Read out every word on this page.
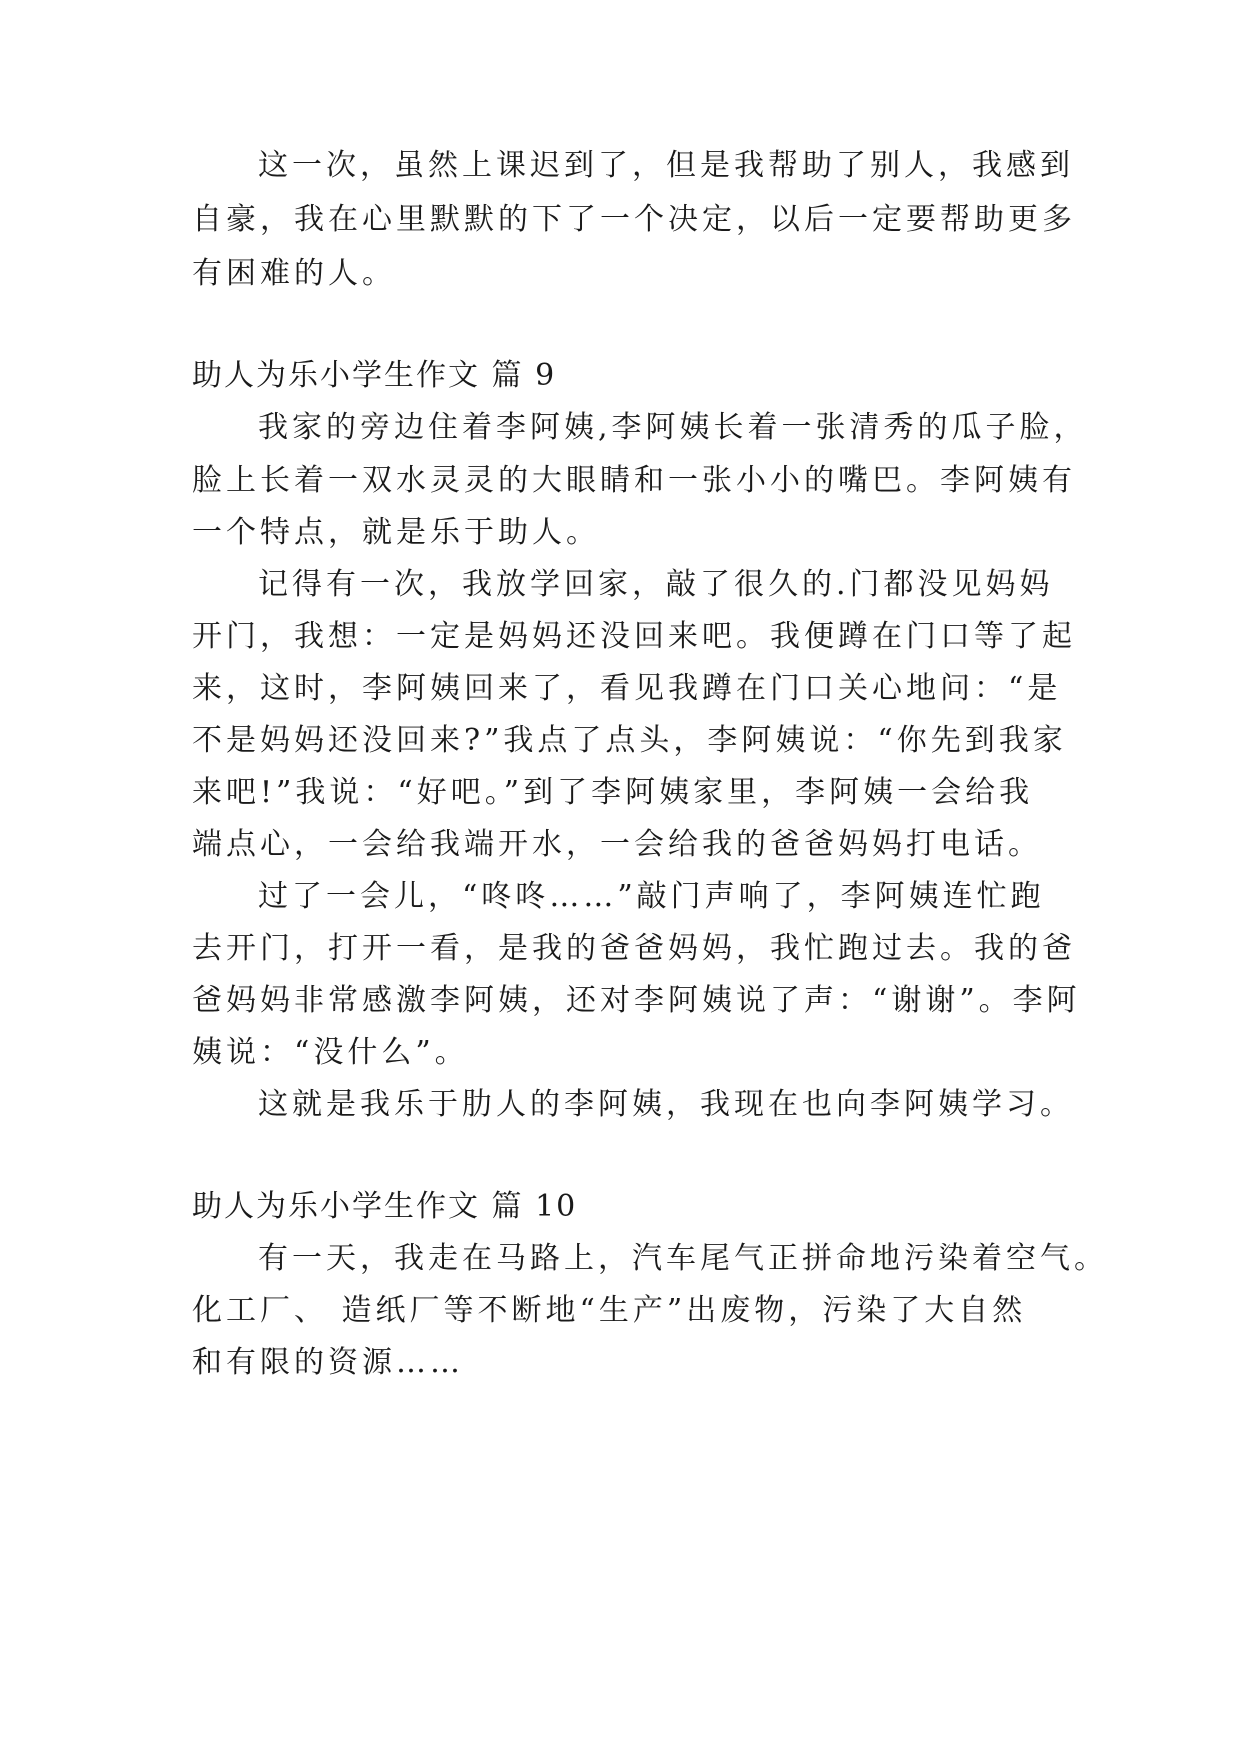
这一次，虽然上课迟到了，但是我帮助了别人，我感到
自豪，我在心里默默的下了一个决定，以后一定要帮助更多
有困难的人。
助人为乐小学生作文 篇 9
我家的旁边住着李阿姨,李阿姨长着一张清秀的瓜子脸，
脸上长着一双水灵灵的大眼睛和一张小小的嘴巴。李阿姨有
一个特点，就是乐于助人。
记得有一次，我放学回家，敲了很久的.门都没见妈妈
开门，我想：一定是妈妈还没回来吧。我便蹲在门口等了起
来，这时，李阿姨回来了，看见我蹲在门口关心地问：“是
不是妈妈还没回来?”我点了点头，李阿姨说：“你先到我家
来吧!”我说：“好吧。”到了李阿姨家里，李阿姨一会给我
端点心，一会给我端开水，一会给我的爸爸妈妈打电话。
过了一会儿，“咚咚……”敲门声响了，李阿姨连忙跑
去开门，打开一看，是我的爸爸妈妈，我忙跑过去。我的爸
爸妈妈非常感激李阿姨，还对李阿姨说了声：“谢谢”。李阿
姨说：“没什么”。
这就是我乐于肋人的李阿姨，我现在也向李阿姨学习。
助人为乐小学生作文 篇 10
有一天，我走在马路上，汽车尾气正拼命地污染着空气。
化工厂、 造纸厂等不断地“生产”出废物，污染了大自然
和有限的资源……
